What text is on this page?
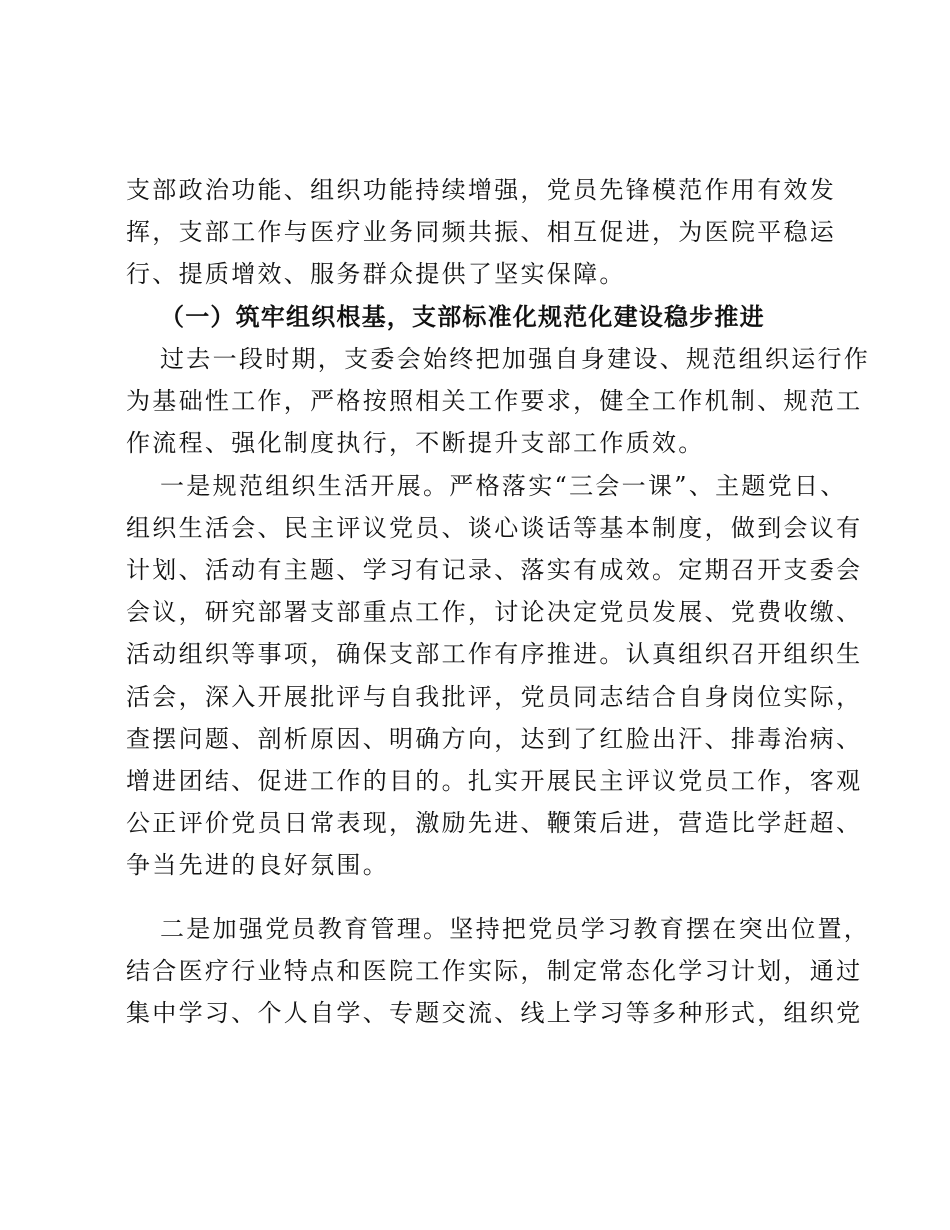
支部政治功能、组织功能持续增强，党员先锋模范作用有效发
挥，支部工作与医疗业务同频共振、相互促进，为医院平稳运
行、提质增效、服务群众提供了坚实保障。
（一）筑牢组织根基，支部标准化规范化建设稳步推进
过去一段时期，支委会始终把加强自身建设、规范组织运行作
为基础性工作，严格按照相关工作要求，健全工作机制、规范工
作流程、强化制度执行，不断提升支部工作质效。
一是规范组织生活开展。严格落实“三会一课”、主题党日、
组织生活会、民主评议党员、谈心谈话等基本制度，做到会议有
计划、活动有主题、学习有记录、落实有成效。定期召开支委会
会议，研究部署支部重点工作，讨论决定党员发展、党费收缴、
活动组织等事项，确保支部工作有序推进。认真组织召开组织生
活会，深入开展批评与自我批评，党员同志结合自身岗位实际，
查摆问题、剖析原因、明确方向，达到了红脸出汗、排毒治病、
增进团结、促进工作的目的。扎实开展民主评议党员工作，客观
公正评价党员日常表现，激励先进、鞭策后进，营造比学赶超、
争当先进的良好氛围。
二是加强党员教育管理。坚持把党员学习教育摆在突出位置，
结合医疗行业特点和医院工作实际，制定常态化学习计划，通过
集中学习、个人自学、专题交流、线上学习等多种形式，组织党
